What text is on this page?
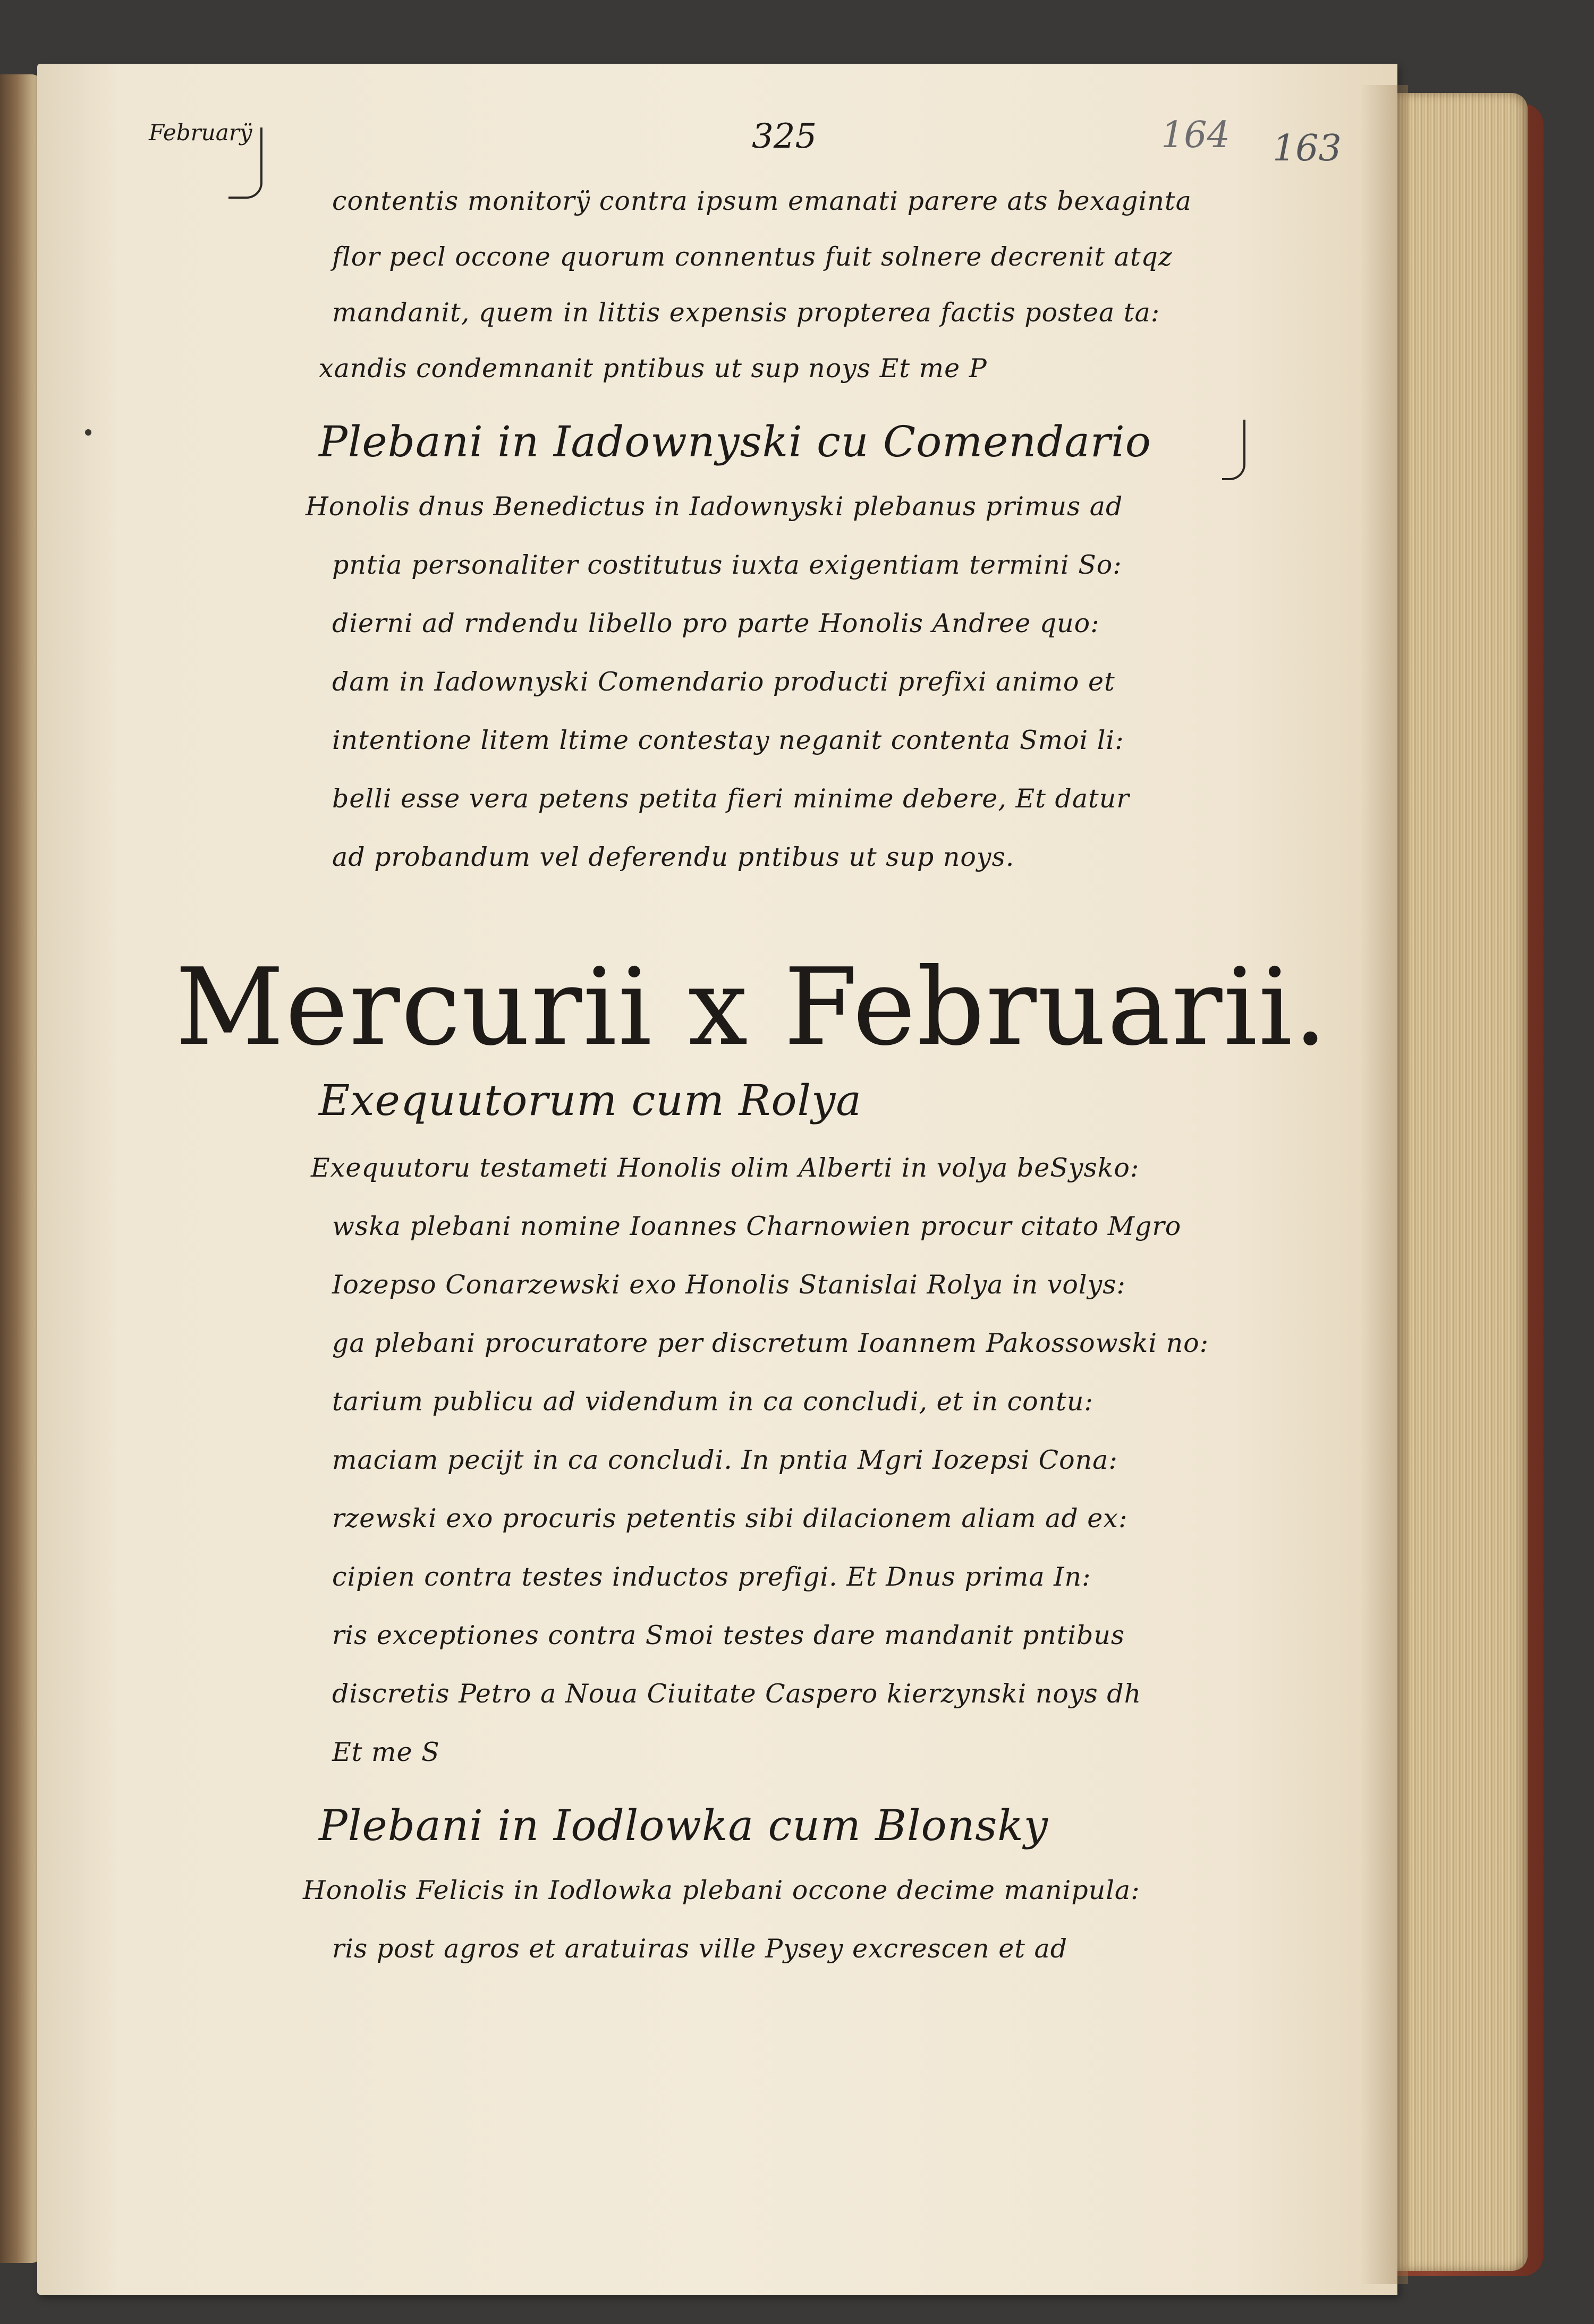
Februarÿ	325	164 163

contentis monitorÿ contra ipsum emanati parere ats bexaginta

flor pecl occone quorum connentus fuit solnere decrenit atqz

mandanit, quem in littis expensis propterea factis postea ta:

xandis condemnanit pntibus ut sup noys Et me P

Plebani in Iadownyski cu Comendario

Honolis dnus Benedictus in Iadownyski plebanus primus ad

pntia personaliter costitutus iuxta exigentiam termini So:

dierni ad rndendu libello pro parte Honolis Andree quo:

dam in Iadownyski Comendario producti prefixi animo et

intentione litem ltime contestay neganit contenta Smoi li:

belli esse vera petens petita fieri minime debere, Et datur

ad probandum vel deferendu pntibus ut sup noys.

Mercurii x Februarii.

Exequutorum cum Rolya

Exequutoru testameti Honolis olim Alberti in volya beSysko:

wska plebani nomine Ioannes Charnowien procur citato Mgro

Iozepso Conarzewski exo Honolis Stanislai Rolya in volys:

ga plebani procuratore per discretum Ioannem Pakossowski no:

tarium publicu ad videndum in ca concludi, et in contu:

maciam pecijt in ca concludi. In pntia Mgri Iozepsi Cona:

rzewski exo procuris petentis sibi dilacionem aliam ad ex:

cipien contra testes inductos prefigi. Et Dnus prima In:

ris exceptiones contra Smoi testes dare mandanit pntibus

discretis Petro a Noua Ciuitate Caspero kierzynski noys dh

Et me S

Plebani in Iodlowka cum Blonsky

Honolis Felicis in Iodlowka plebani occone decime manipula:

ris post agros et aratuiras ville Pysey excrescen et ad
